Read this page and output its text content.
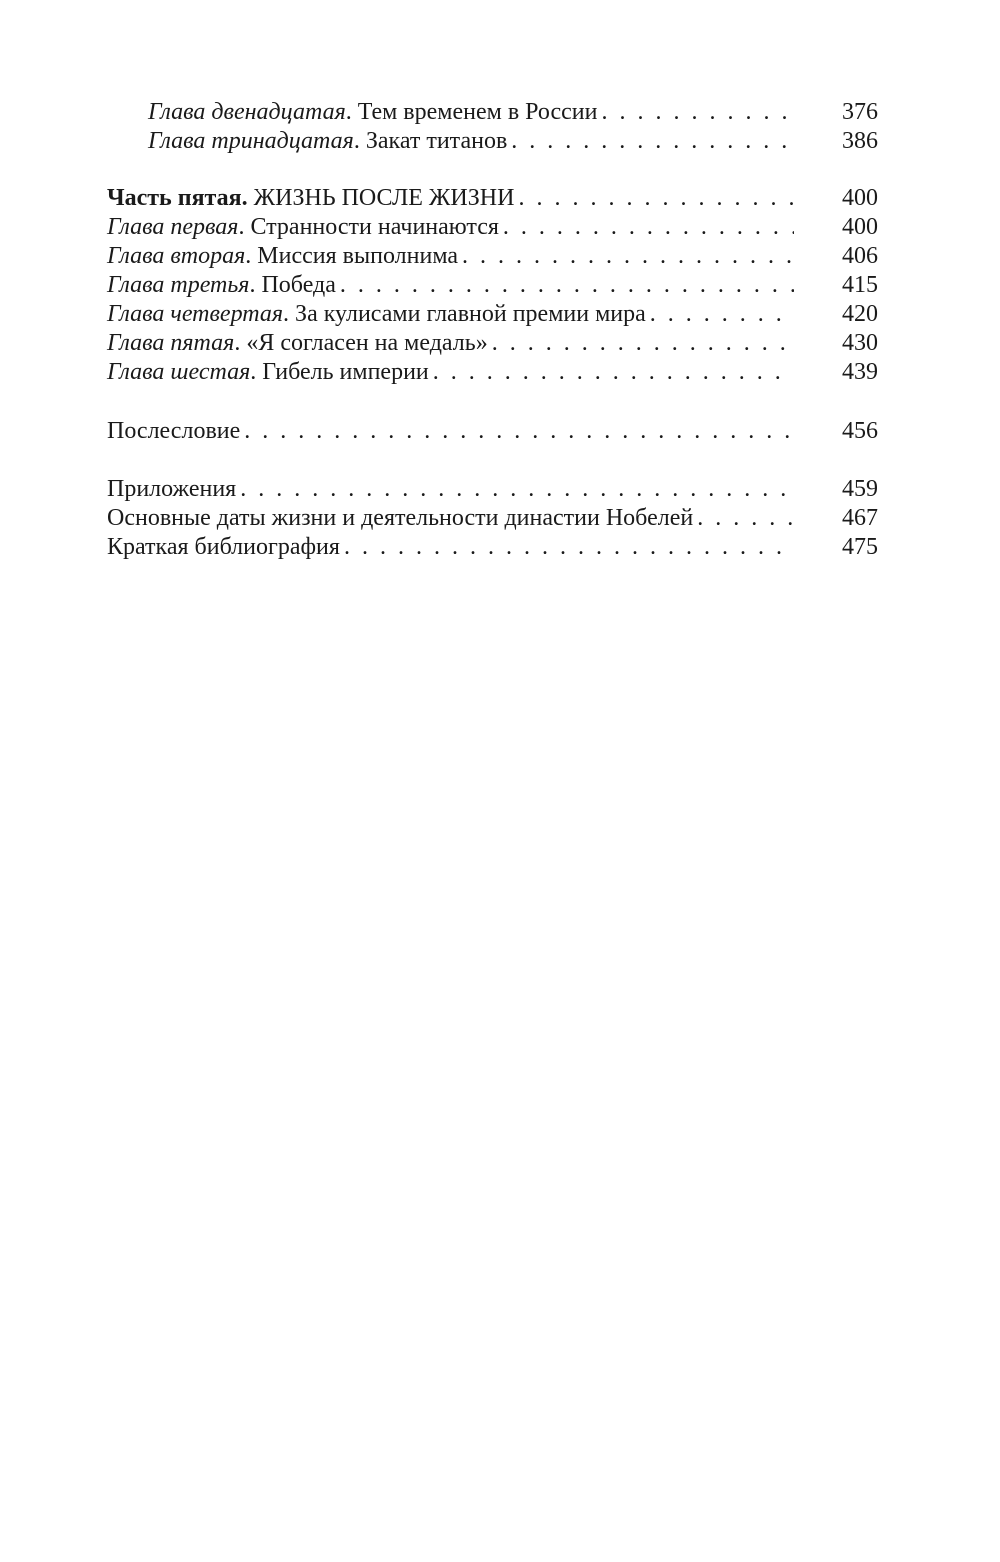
Глава двенадцатая. Тем временем в России . . .	376
Глава тринадцатая. Закат титанов . . .	386
Часть пятая. ЖИЗНЬ ПОСЛЕ ЖИЗНИ . . .	400
Глава первая. Странности начинаются . . .	400
Глава вторая. Миссия выполнима . . .	406
Глава третья. Победа . . .	415
Глава четвертая. За кулисами главной премии мира . . .	420
Глава пятая. «Я согласен на медаль» . . .	430
Глава шестая. Гибель империи . . .	439
Послесловие . . .	456
Приложения . . .	459
Основные даты жизни и деятельности династии Нобелей . . .	467
Краткая библиография . . .	475
